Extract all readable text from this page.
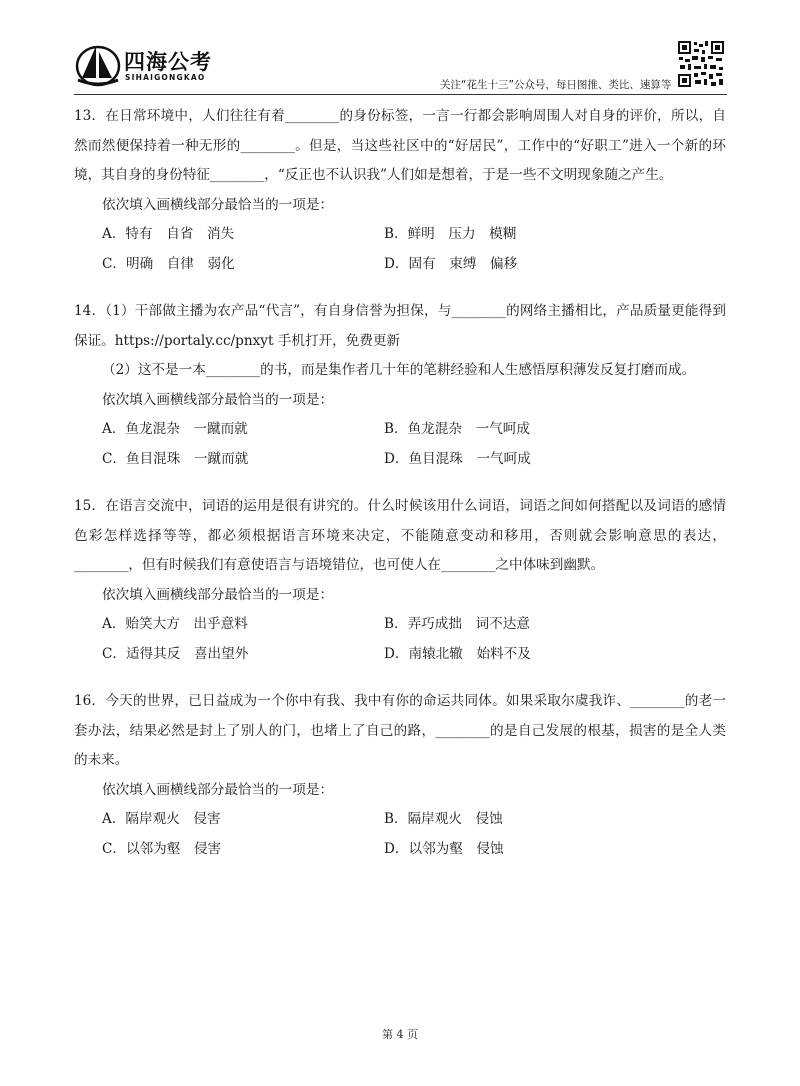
四海公考
SIHAIGONGKAO
关注“花生十三”公众号，每日图推、类比、速算等

13．在日常环境中，人们往往有着________的身份标签，一言一行都会影响周围人对自身的评价，所以，自然而然便保持着一种无形的________。但是，当这些社区中的“好居民”，工作中的“好职工”进入一个新的环境，其自身的身份特征________，“反正也不认识我”人们如是想着，于是一些不文明现象随之产生。

依次填入画横线部分最恰当的一项是：

A．特有　自省　消失	B．鲜明　压力　模糊
C．明确　自律　弱化	D．固有　束缚　偏移

14．（1）干部做主播为农产品“代言”，有自身信誉为担保，与________的网络主播相比，产品质量更能得到保证。https://portaly.cc/pnxyt 手机打开，免费更新

（2）这不是一本________的书，而是集作者几十年的笔耕经验和人生感悟厚积薄发反复打磨而成。

依次填入画横线部分最恰当的一项是：

A．鱼龙混杂　一蹴而就	B．鱼龙混杂　一气呵成
C．鱼目混珠　一蹴而就	D．鱼目混珠　一气呵成

15．在语言交流中，词语的运用是很有讲究的。什么时候该用什么词语，词语之间如何搭配以及词语的感情色彩怎样选择等等，都必须根据语言环境来决定，不能随意变动和移用，否则就会影响意思的表达，________，但有时候我们有意使语言与语境错位，也可使人在________之中体味到幽默。

依次填入画横线部分最恰当的一项是：

A．贻笑大方　出乎意料	B．弄巧成拙　词不达意
C．适得其反　喜出望外	D．南辕北辙　始料不及

16．今天的世界，已日益成为一个你中有我、我中有你的命运共同体。如果采取尔虞我诈、________的老一套办法，结果必然是封上了别人的门，也堵上了自己的路，________的是自己发展的根基，损害的是全人类的未来。

依次填入画横线部分最恰当的一项是：

A．隔岸观火　侵害	B．隔岸观火　侵蚀
C．以邻为壑　侵害	D．以邻为壑　侵蚀
第 4 页
